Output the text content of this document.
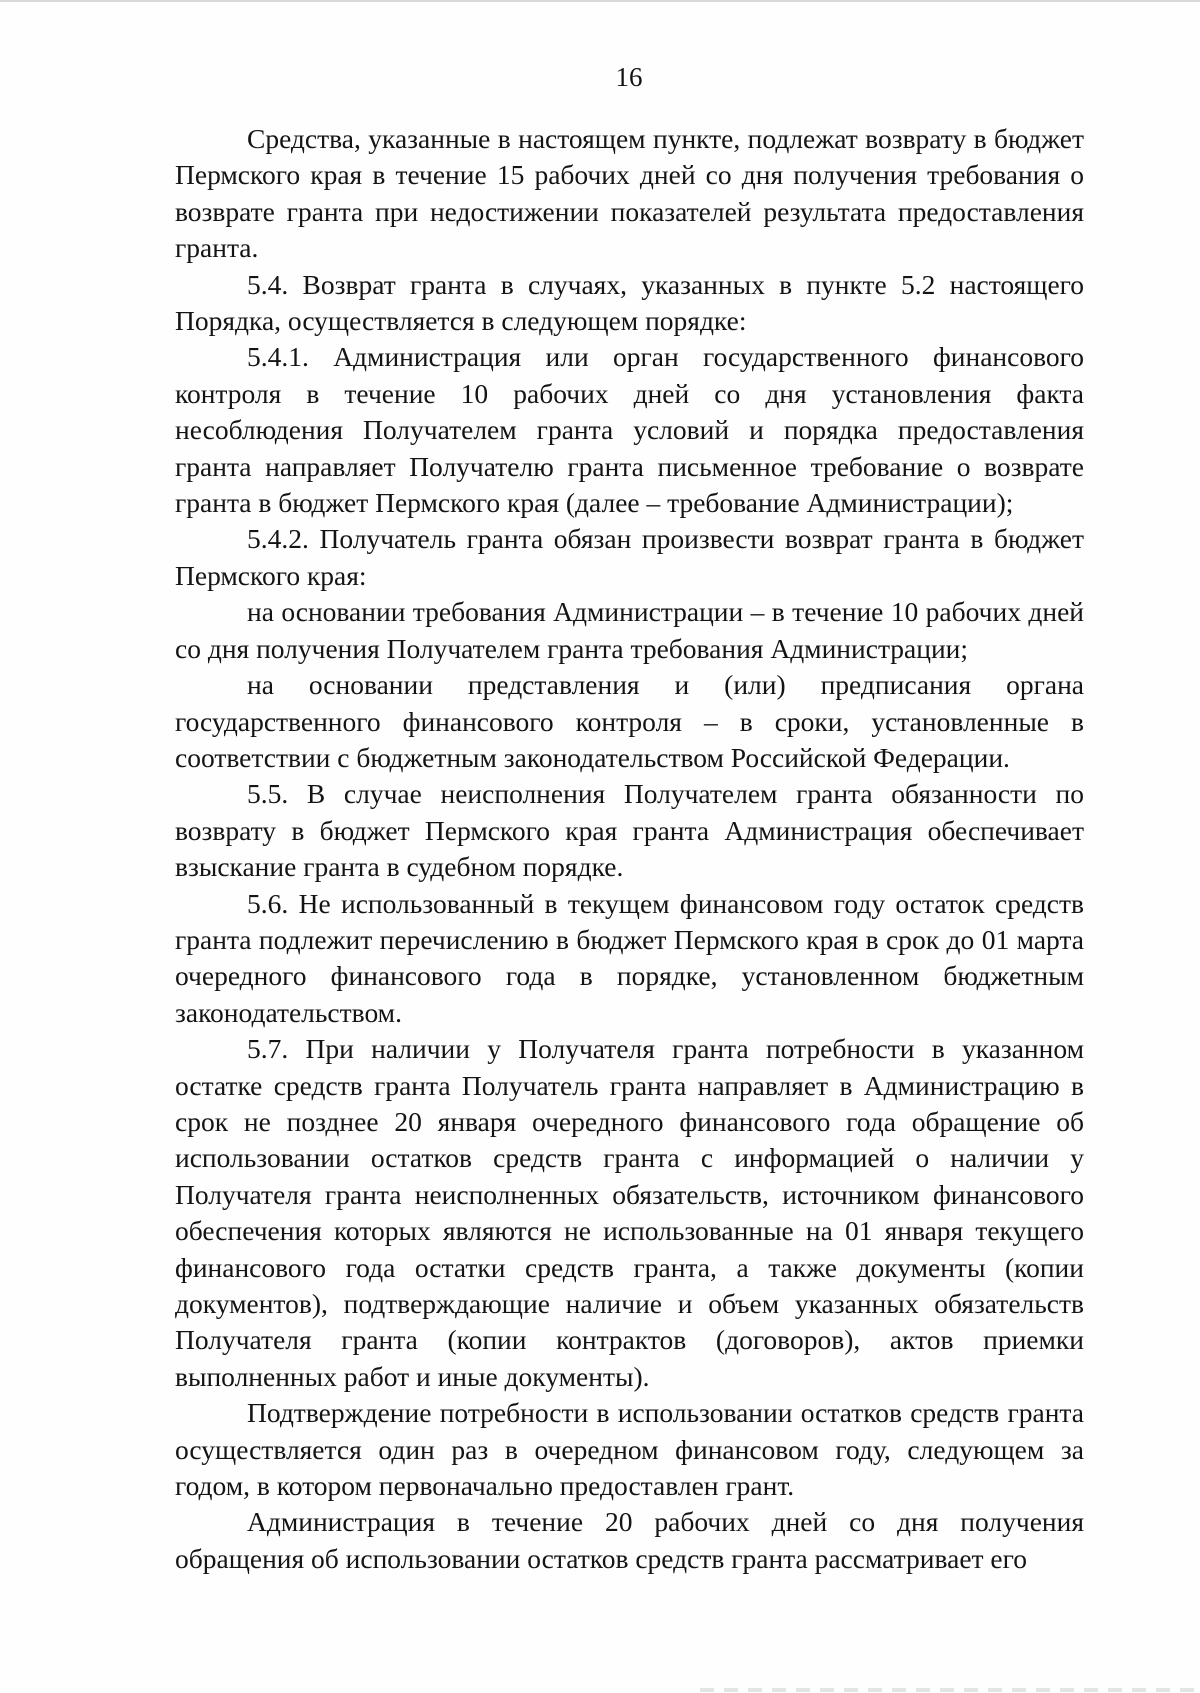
16

Средства, указанные в настоящем пункте, подлежат возврату в бюджет Пермского края в течение 15 рабочих дней со дня получения требования о возврате гранта при недостижении показателей результата предоставления гранта.

5.4. Возврат гранта в случаях, указанных в пункте 5.2 настоящего Порядка, осуществляется в следующем порядке:

5.4.1. Администрация или орган государственного финансового контроля в течение 10 рабочих дней со дня установления факта несоблюдения Получателем гранта условий и порядка предоставления гранта направляет Получателю гранта письменное требование о возврате гранта в бюджет Пермского края (далее – требование Администрации);

5.4.2. Получатель гранта обязан произвести возврат гранта в бюджет Пермского края:

на основании требования Администрации – в течение 10 рабочих дней со дня получения Получателем гранта требования Администрации;

на основании представления и (или) предписания органа государственного финансового контроля – в сроки, установленные в соответствии с бюджетным законодательством Российской Федерации.

5.5. В случае неисполнения Получателем гранта обязанности по возврату в бюджет Пермского края гранта Администрация обеспечивает взыскание гранта в судебном порядке.

5.6. Не использованный в текущем финансовом году остаток средств гранта подлежит перечислению в бюджет Пермского края в срок до 01 марта очередного финансового года в порядке, установленном бюджетным законодательством.

5.7. При наличии у Получателя гранта потребности в указанном остатке средств гранта Получатель гранта направляет в Администрацию в срок не позднее 20 января очередного финансового года обращение об использовании остатков средств гранта с информацией о наличии у Получателя гранта неисполненных обязательств, источником финансового обеспечения которых являются не использованные на 01 января текущего финансового года остатки средств гранта, а также документы (копии документов), подтверждающие наличие и объем указанных обязательств Получателя гранта (копии контрактов (договоров), актов приемки выполненных работ и иные документы).

Подтверждение потребности в использовании остатков средств гранта осуществляется один раз в очередном финансовом году, следующем за годом, в котором первоначально предоставлен грант.

Администрация в течение 20 рабочих дней со дня получения обращения об использовании остатков средств гранта рассматривает его
